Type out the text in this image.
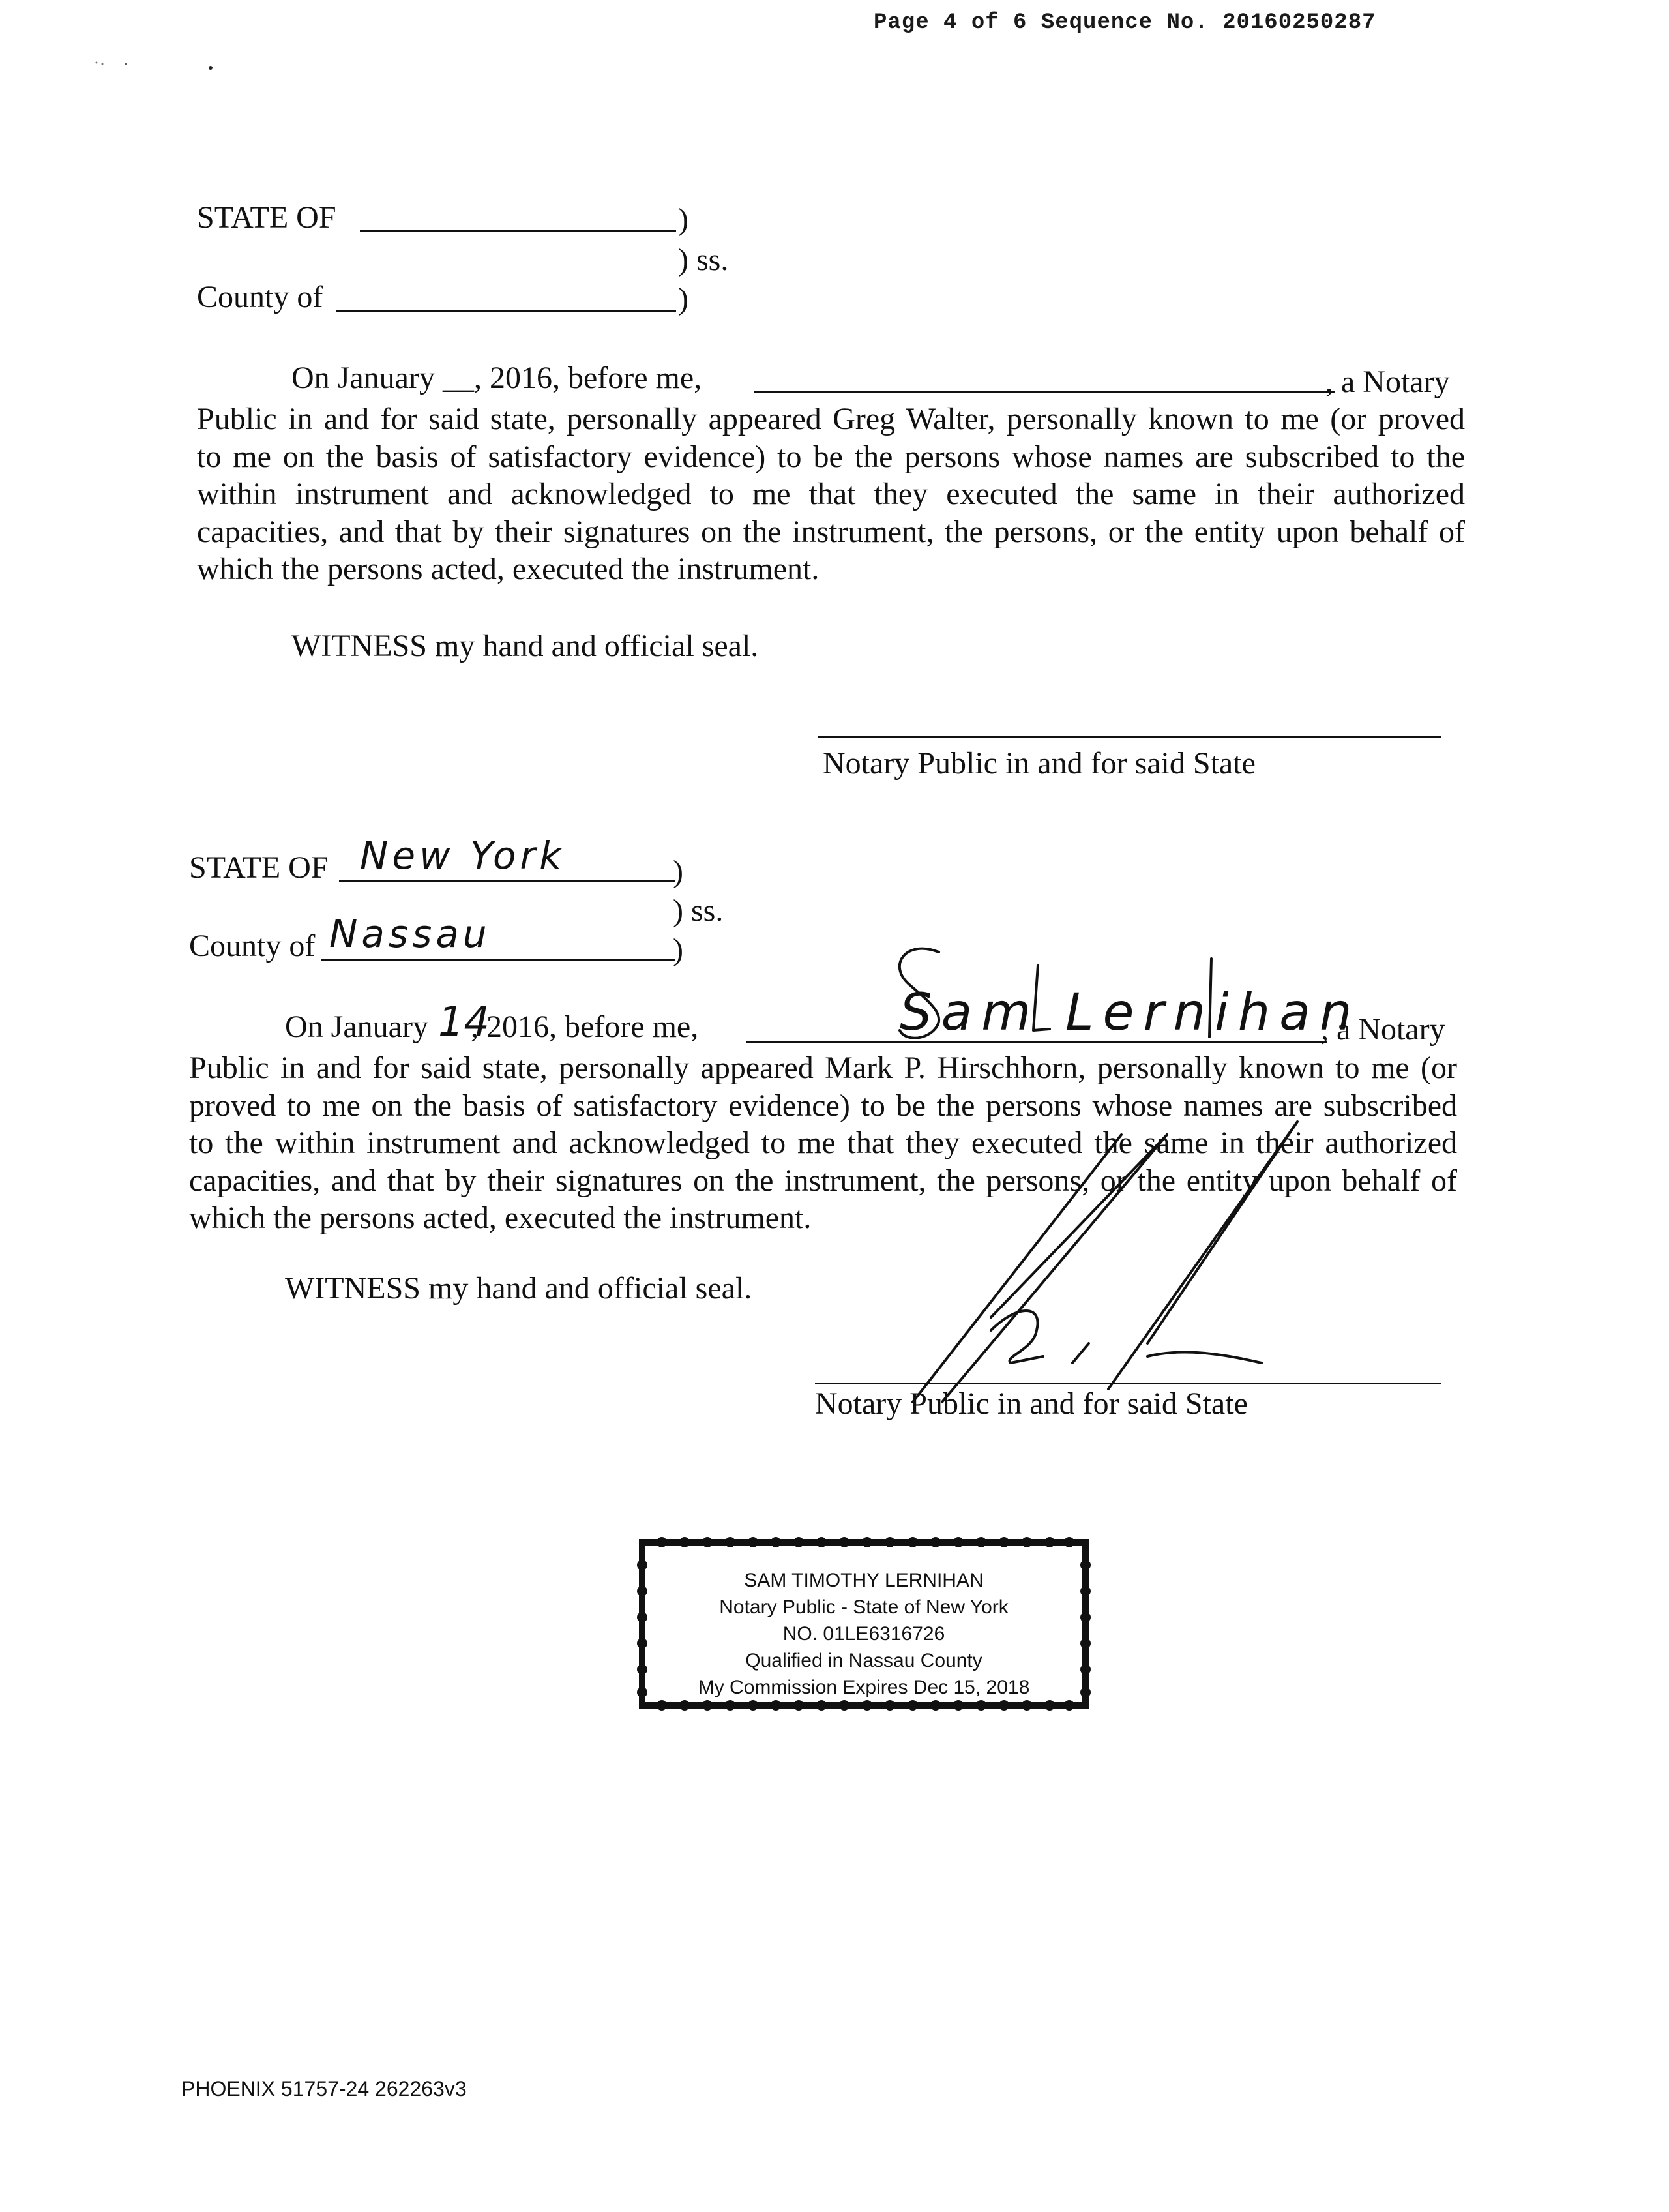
Page 4 of 6 Sequence No. 20160250287
STATE OF	)
) ss.
County of	)
On January __, 2016, before me,	, a Notary
Public in and for said state, personally appeared Greg Walter, personally known to me (or proved
to me on the basis of satisfactory evidence) to be the persons whose names are subscribed to the
within instrument and acknowledged to me that they executed the same in their authorized
capacities, and that by their signatures on the instrument, the persons, or the entity upon behalf of
which the persons acted, executed the instrument.
WITNESS my hand and official seal.
Notary Public in and for said State
STATE OF New York	)
) ss.
County of Nassau	)
On January 14
, 2016, before me,	, a Notary
Sam Lernihan
Public in and for said state, personally appeared Mark P. Hirschhorn, personally known to me (or
proved to me on the basis of satisfactory evidence) to be the persons whose names are subscribed
to the within instrument and acknowledged to me that they executed the same in their authorized
capacities, and that by their signatures on the instrument, the persons, or the entity upon behalf of
which the persons acted, executed the instrument.
WITNESS my hand and official seal.
Notary Public in and for said State
SAM TIMOTHY LERNIHAN
Notary Public - State of New York
NO. 01LE6316726
Qualified in Nassau County
My Commission Expires Dec 15, 2018
PHOENIX 51757-24 262263v3
